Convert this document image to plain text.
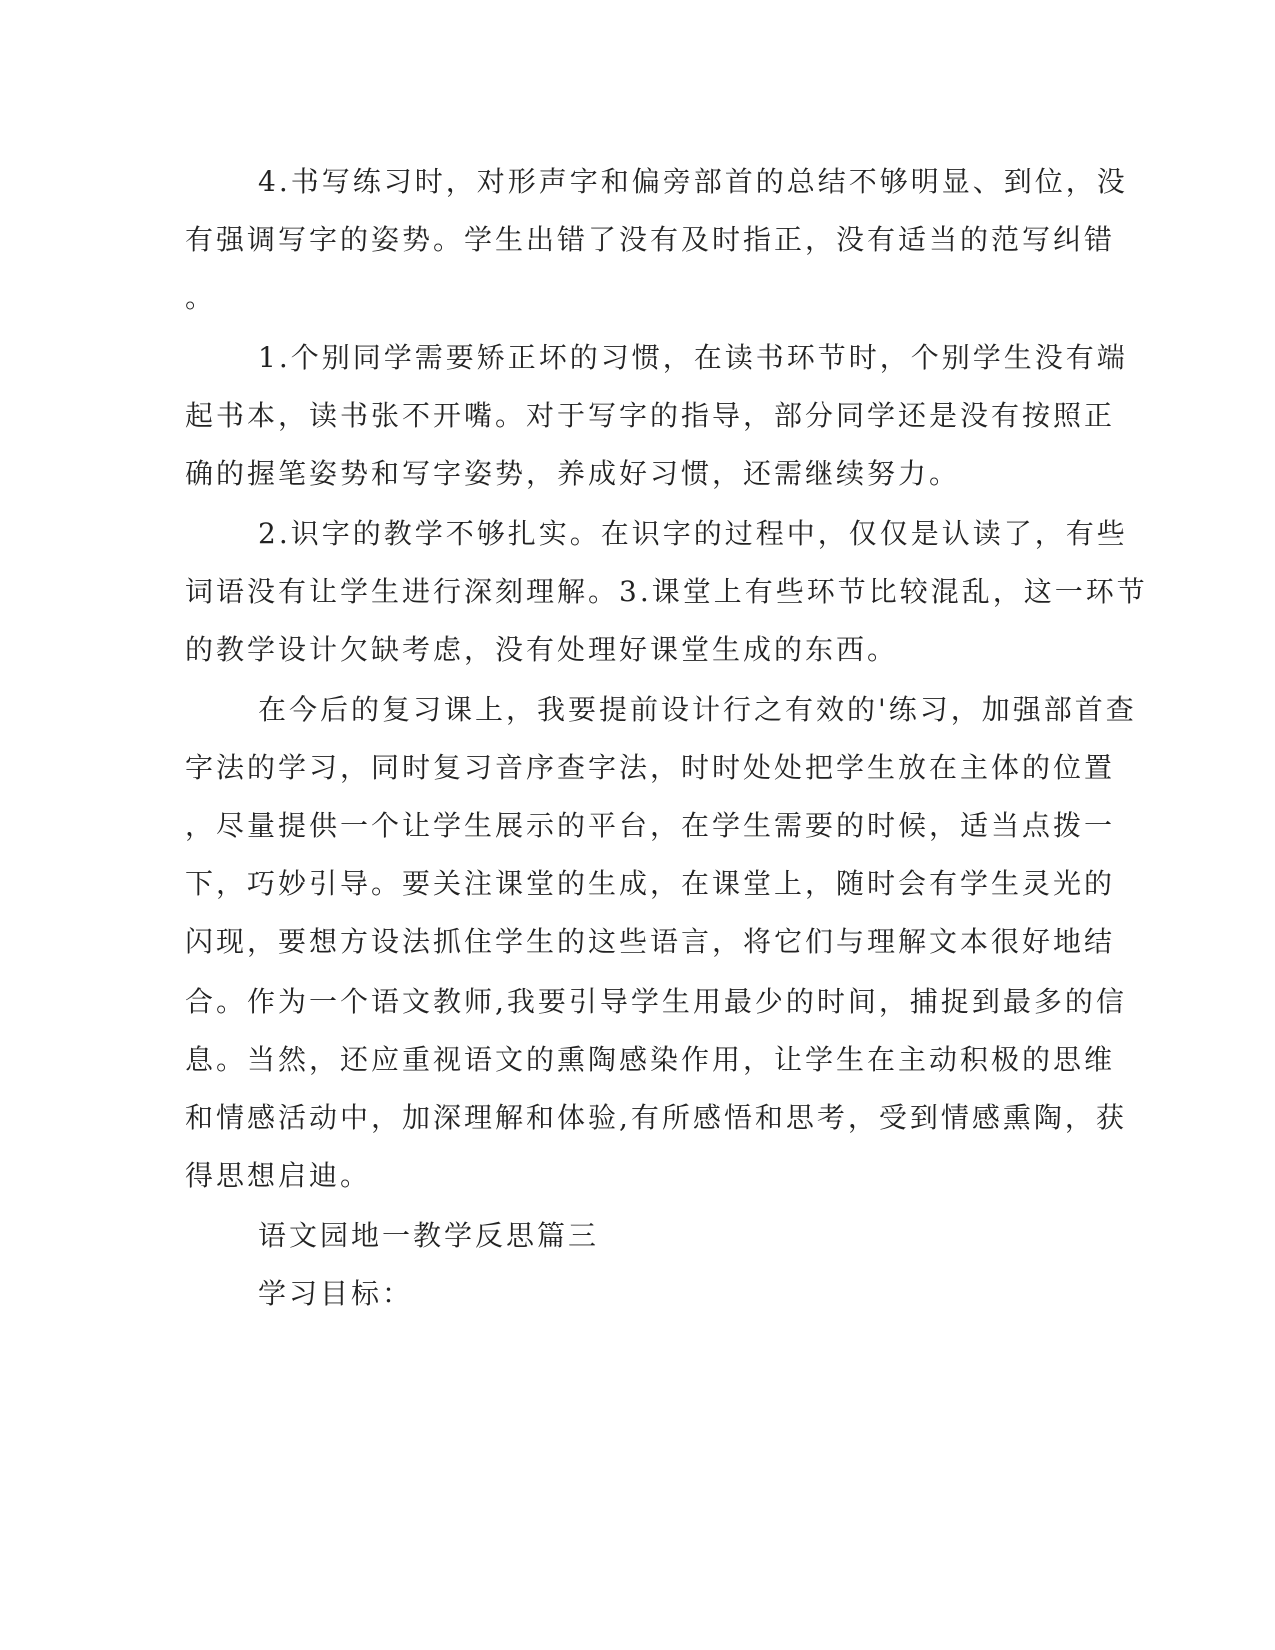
4.书写练习时，对形声字和偏旁部首的总结不够明显、到位，没

有强调写字的姿势。学生出错了没有及时指正，没有适当的范写纠错

。

1.个别同学需要矫正坏的习惯，在读书环节时，个别学生没有端

起书本，读书张不开嘴。对于写字的指导，部分同学还是没有按照正

确的握笔姿势和写字姿势，养成好习惯，还需继续努力。

2.识字的教学不够扎实。在识字的过程中，仅仅是认读了，有些

词语没有让学生进行深刻理解。3.课堂上有些环节比较混乱，这一环节

的教学设计欠缺考虑，没有处理好课堂生成的东西。

在今后的复习课上，我要提前设计行之有效的'练习，加强部首查

字法的学习，同时复习音序查字法，时时处处把学生放在主体的位置

，尽量提供一个让学生展示的平台，在学生需要的时候，适当点拨一

下，巧妙引导。要关注课堂的生成，在课堂上，随时会有学生灵光的

闪现，要想方设法抓住学生的这些语言，将它们与理解文本很好地结

合。作为一个语文教师,我要引导学生用最少的时间，捕捉到最多的信

息。当然，还应重视语文的熏陶感染作用，让学生在主动积极的思维

和情感活动中，加深理解和体验,有所感悟和思考，受到情感熏陶，获

得思想启迪。

语文园地一教学反思篇三

学习目标：
